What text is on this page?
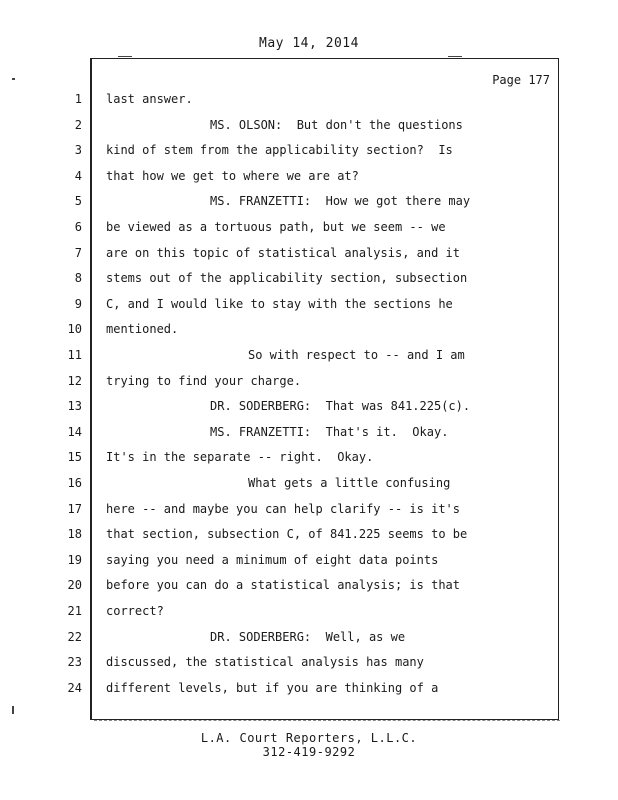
May 14, 2014
Page 177
1 last answer.
2	MS. OLSON:  But don't the questions
3 kind of stem from the applicability section?  Is
4 that how we get to where we are at?
5	MS. FRANZETTI:  How we got there may
6 be viewed as a tortuous path, but we seem -- we
7 are on this topic of statistical analysis, and it
8 stems out of the applicability section, subsection
9 C, and I would like to stay with the sections he
10 mentioned.
11	So with respect to -- and I am
12 trying to find your charge.
13	DR. SODERBERG:  That was 841.225(c).
14	MS. FRANZETTI:  That's it.  Okay.
15 It's in the separate -- right.  Okay.
16	What gets a little confusing
17 here -- and maybe you can help clarify -- is it's
18 that section, subsection C, of 841.225 seems to be
19 saying you need a minimum of eight data points
20 before you can do a statistical analysis; is that
21 correct?
22	DR. SODERBERG:  Well, as we
23 discussed, the statistical analysis has many
24 different levels, but if you are thinking of a
L.A. Court Reporters, L.L.C.
312-419-9292
